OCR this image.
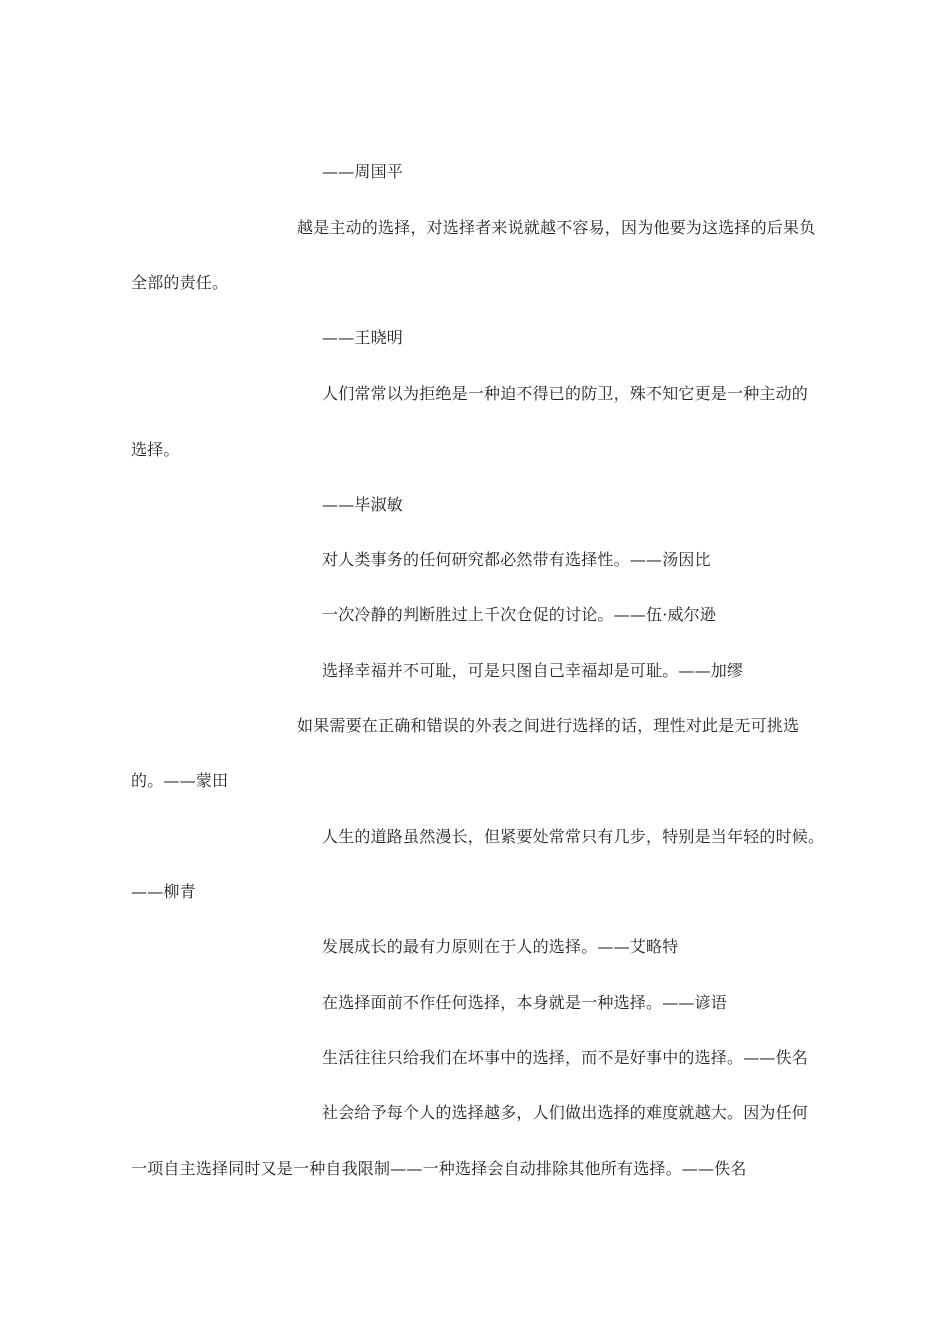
——周国平
越是主动的选择，对选择者来说就越不容易，因为他要为这选择的后果负
全部的责任。
——王晓明
人们常常以为拒绝是一种迫不得已的防卫，殊不知它更是一种主动的
选择。
——毕淑敏
对人类事务的任何研究都必然带有选择性。——汤因比
一次冷静的判断胜过上千次仓促的讨论。——伍·威尔逊
选择幸福并不可耻，可是只图自己幸福却是可耻。——加缪
如果需要在正确和错误的外表之间进行选择的话，理性对此是无可挑选
的。——蒙田
人生的道路虽然漫长，但紧要处常常只有几步，特别是当年轻的时候。
——柳青
发展成长的最有力原则在于人的选择。——艾略特
在选择面前不作任何选择，本身就是一种选择。——谚语
生活往往只给我们在坏事中的选择，而不是好事中的选择。——佚名
社会给予每个人的选择越多，人们做出选择的难度就越大。因为任何
一项自主选择同时又是一种自我限制——一种选择会自动排除其他所有选择。——佚名
